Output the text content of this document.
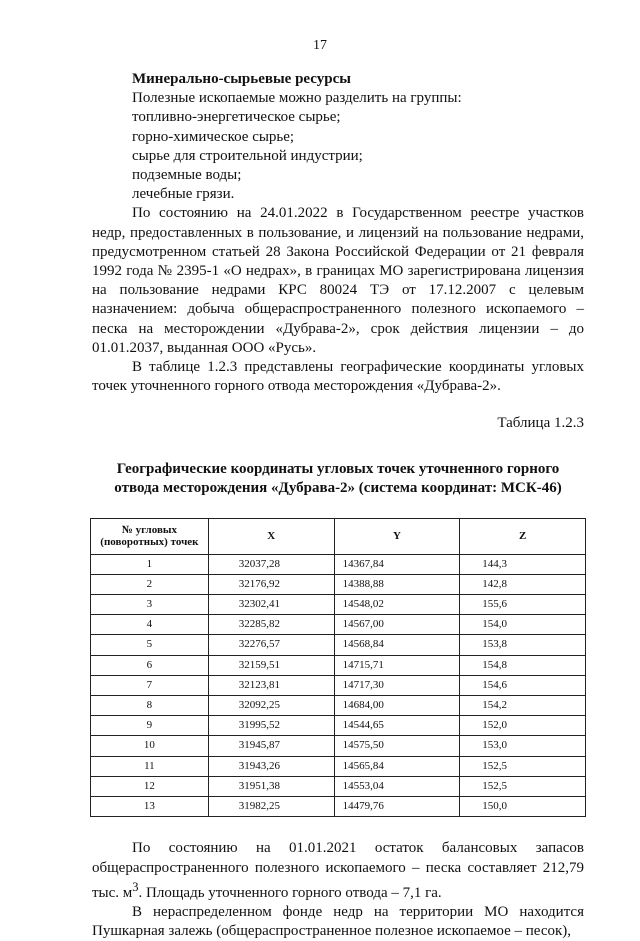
17

Минерально-сырьевые ресурсы

Полезные ископаемые можно разделить на группы:

топливно-энергетическое сырье;

горно-химическое сырье;

сырье для строительной индустрии;

подземные воды;

лечебные грязи.

По состоянию на 24.01.2022 в Государственном реестре участков недр, предоставленных в пользование, и лицензий на пользование недрами, предусмотренном статьей 28 Закона Российской Федерации от 21 февраля 1992 года № 2395-1 «О недрах», в границах МО зарегистрирована лицензия на пользование недрами КРС 80024 ТЭ от 17.12.2007 с целевым назначением: добыча общераспространенного полезного ископаемого – песка на месторождении «Дубрава-2», срок действия лицензии – до 01.01.2037, выданная ООО «Русь».

В таблице 1.2.3 представлены географические координаты угловых точек уточненного горного отвода месторождения «Дубрава-2».

Таблица 1.2.3

Географические координаты угловых точек уточненного горного
отвода месторождения «Дубрава-2» (система координат: МСК-46)

№ угловых
(поворотных) точек	X	Y	Z
1	32037,28	14367,84	144,3
2	32176,92	14388,88	142,8
3	32302,41	14548,02	155,6
4	32285,82	14567,00	154,0
5	32276,57	14568,84	153,8
6	32159,51	14715,71	154,8
7	32123,81	14717,30	154,6
8	32092,25	14684,00	154,2
9	31995,52	14544,65	152,0
10	31945,87	14575,50	153,0
11	31943,26	14565,84	152,5
12	31951,38	14553,04	152,5
13	31982,25	14479,76	150,0

По состоянию на 01.01.2021 остаток балансовых запасов общераспространенного полезного ископаемого – песка составляет 212,79 тыс. $м^3$. Площадь уточненного горного отвода – 7,1 га.

В нераспределенном фонде недр на территории МО находится Пушкарная залежь (общераспространенное полезное ископаемое – песок),
